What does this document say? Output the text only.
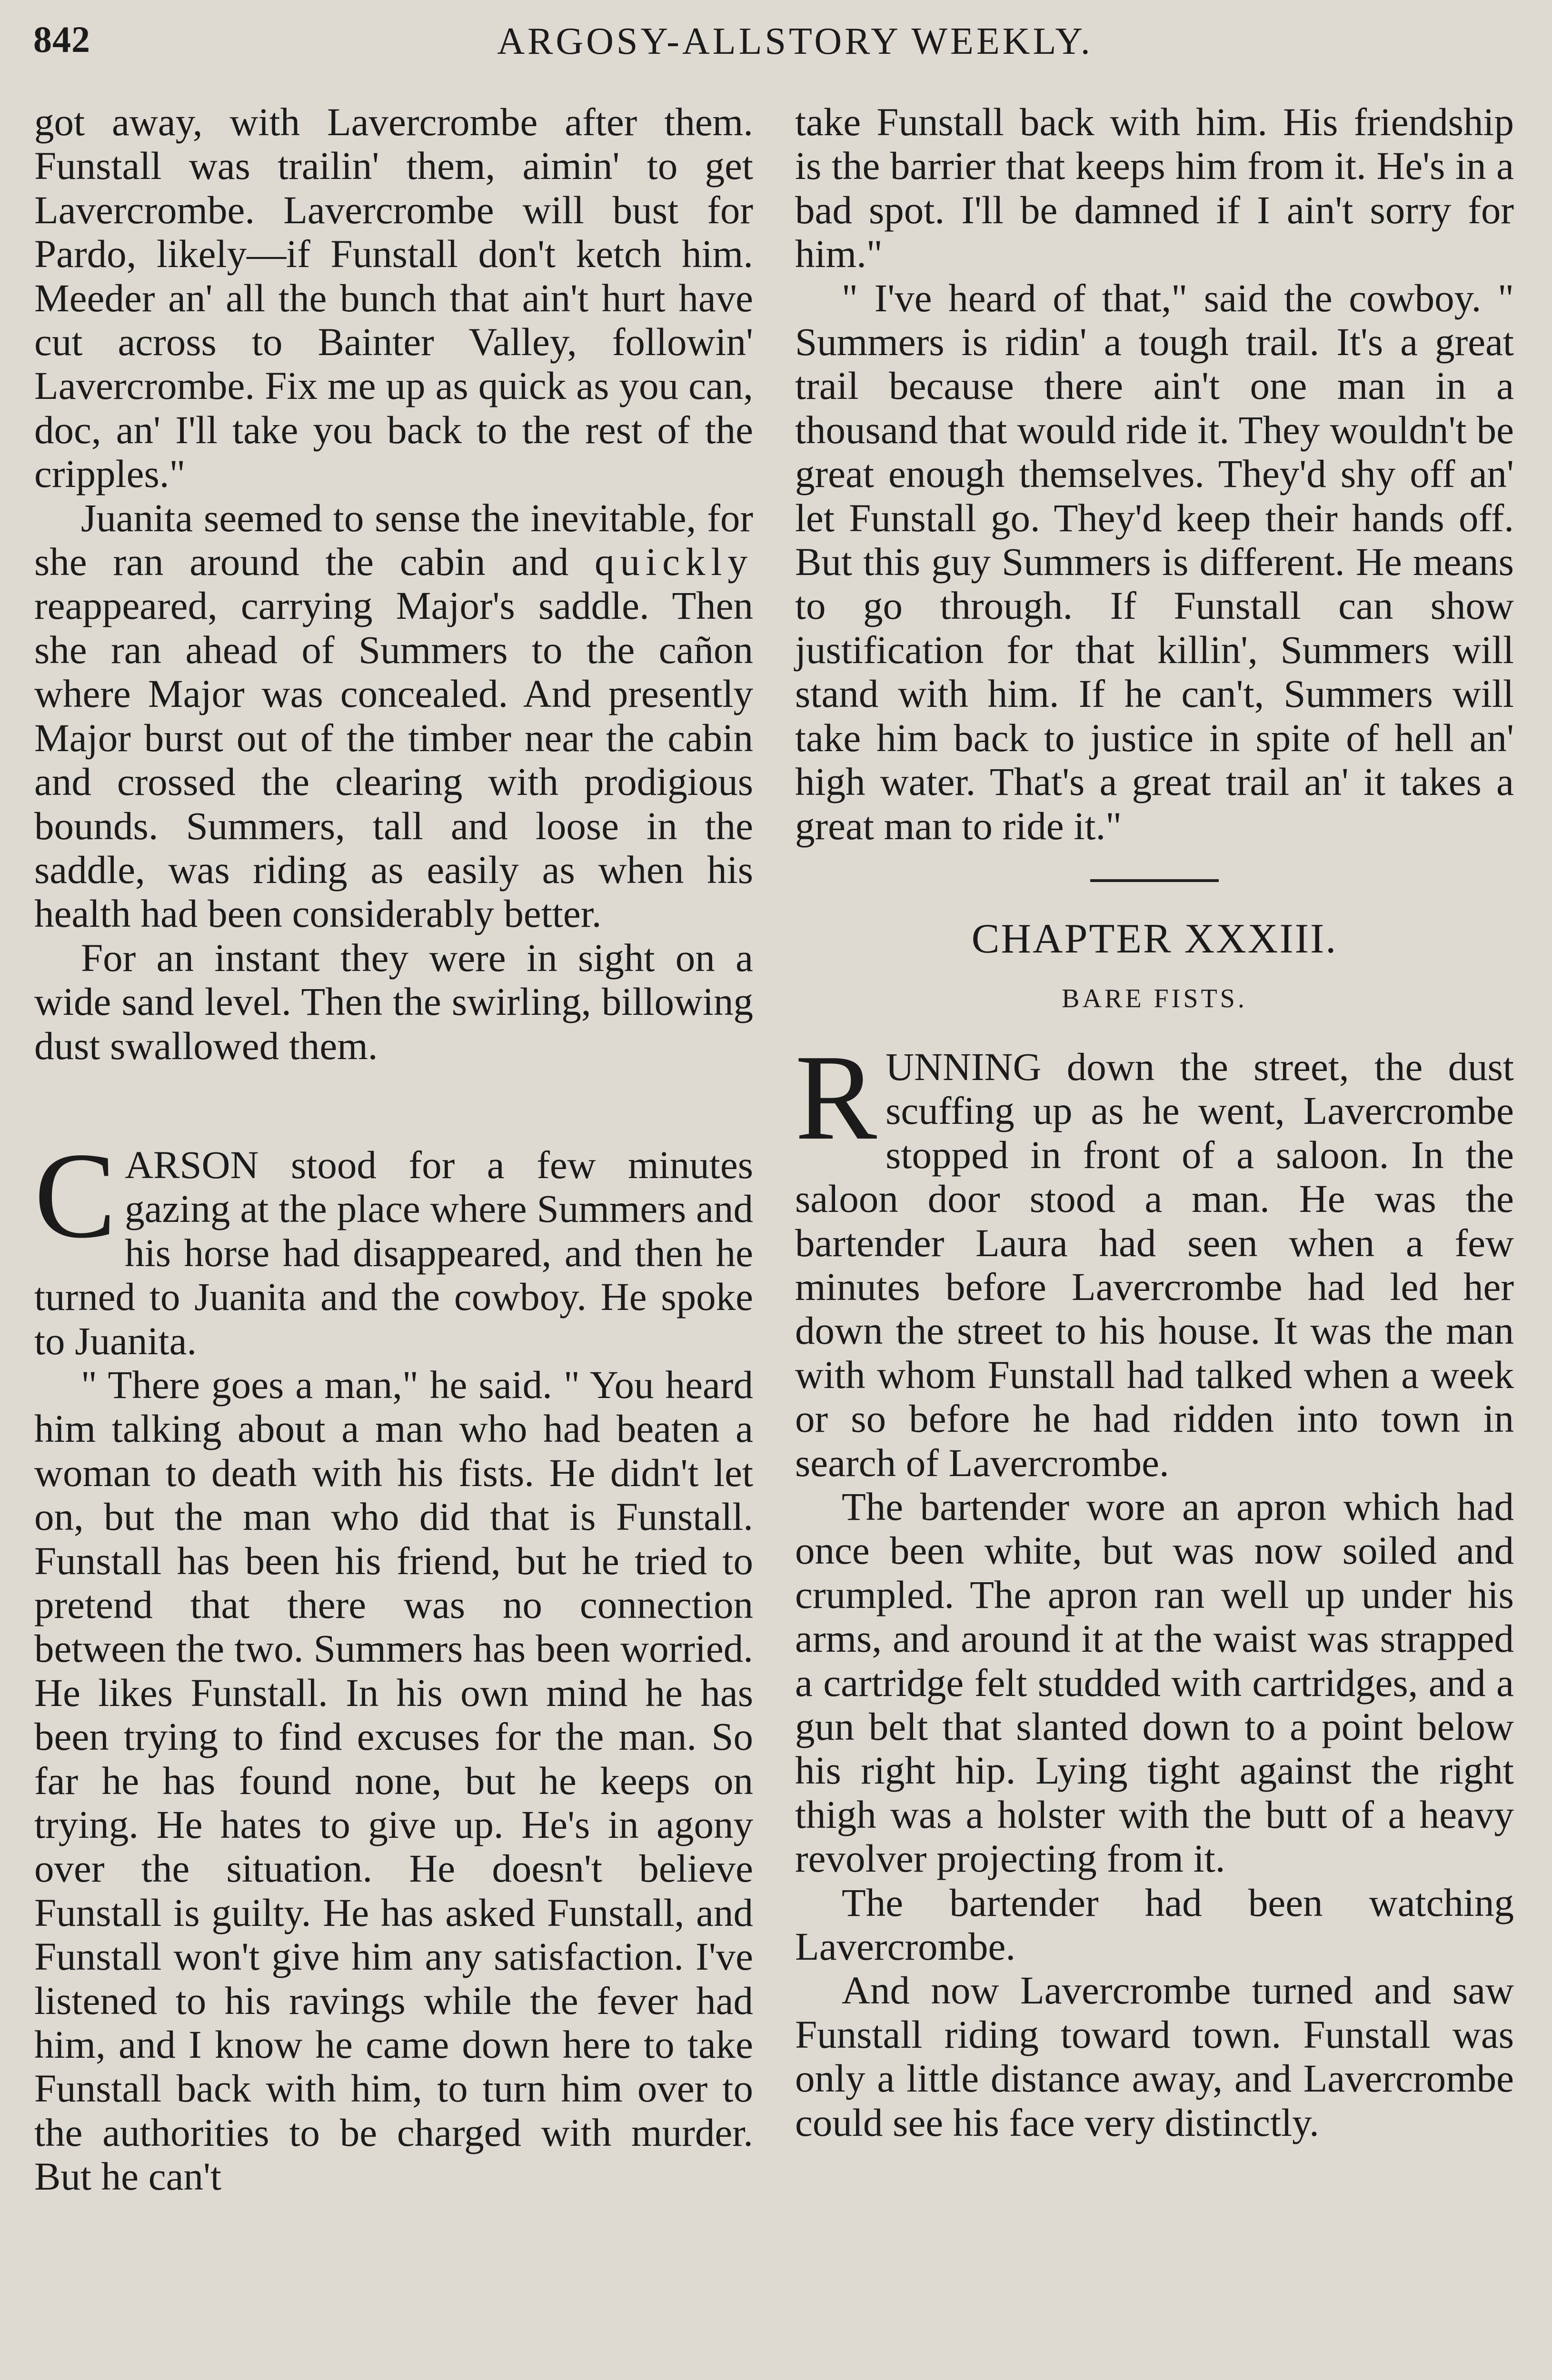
842	ARGOSY-ALLSTORY WEEKLY.

got away, with Lavercrombe after them. Funstall was trailin' them, aimin' to get Lavercrombe. Lavercrombe will bust for Pardo, likely—if Funstall don't ketch him. Meeder an' all the bunch that ain't hurt have cut across to Bainter Valley, followin' Lavercrombe. Fix me up as quick as you can, doc, an' I'll take you back to the rest of the cripples."

Juanita seemed to sense the inevitable, for she ran around the cabin and quickly reappeared, carrying Major's saddle. Then she ran ahead of Summers to the cañon where Major was concealed. And presently Major burst out of the timber near the cabin and crossed the clearing with prodigious bounds. Summers, tall and loose in the saddle, was riding as easily as when his health had been considerably better.

For an instant they were in sight on a wide sand level. Then the swirling, billowing dust swallowed them.

CARSON stood for a few minutes gazing at the place where Summers and his horse had disappeared, and then he turned to Juanita and the cowboy. He spoke to Juanita.

" There goes a man," he said. " You heard him talking about a man who had beaten a woman to death with his fists. He didn't let on, but the man who did that is Funstall. Funstall has been his friend, but he tried to pretend that there was no connection between the two. Summers has been worried. He likes Funstall. In his own mind he has been trying to find excuses for the man. So far he has found none, but he keeps on trying. He hates to give up. He's in agony over the situation. He doesn't believe Funstall is guilty. He has asked Funstall, and Funstall won't give him any satisfaction. I've listened to his ravings while the fever had him, and I know he came down here to take Funstall back with him, to turn him over to the authorities to be charged with murder. But he can't

take Funstall back with him. His friendship is the barrier that keeps him from it. He's in a bad spot. I'll be damned if I ain't sorry for him."

" I've heard of that," said the cowboy. " Summers is ridin' a tough trail. It's a great trail because there ain't one man in a thousand that would ride it. They wouldn't be great enough themselves. They'd shy off an' let Funstall go. They'd keep their hands off. But this guy Summers is different. He means to go through. If Funstall can show justification for that killin', Summers will stand with him. If he can't, Summers will take him back to justice in spite of hell an' high water. That's a great trail an' it takes a great man to ride it."

CHAPTER XXXIII.

BARE FISTS.

RUNNING down the street, the dust scuffing up as he went, Lavercrombe stopped in front of a saloon. In the saloon door stood a man. He was the bartender Laura had seen when a few minutes before Lavercrombe had led her down the street to his house. It was the man with whom Funstall had talked when a week or so before he had ridden into town in search of Lavercrombe.

The bartender wore an apron which had once been white, but was now soiled and crumpled. The apron ran well up under his arms, and around it at the waist was strapped a cartridge felt studded with cartridges, and a gun belt that slanted down to a point below his right hip. Lying tight against the right thigh was a holster with the butt of a heavy revolver projecting from it.

The bartender had been watching Lavercrombe.

And now Lavercrombe turned and saw Funstall riding toward town. Funstall was only a little distance away, and Lavercrombe could see his face very distinctly.
